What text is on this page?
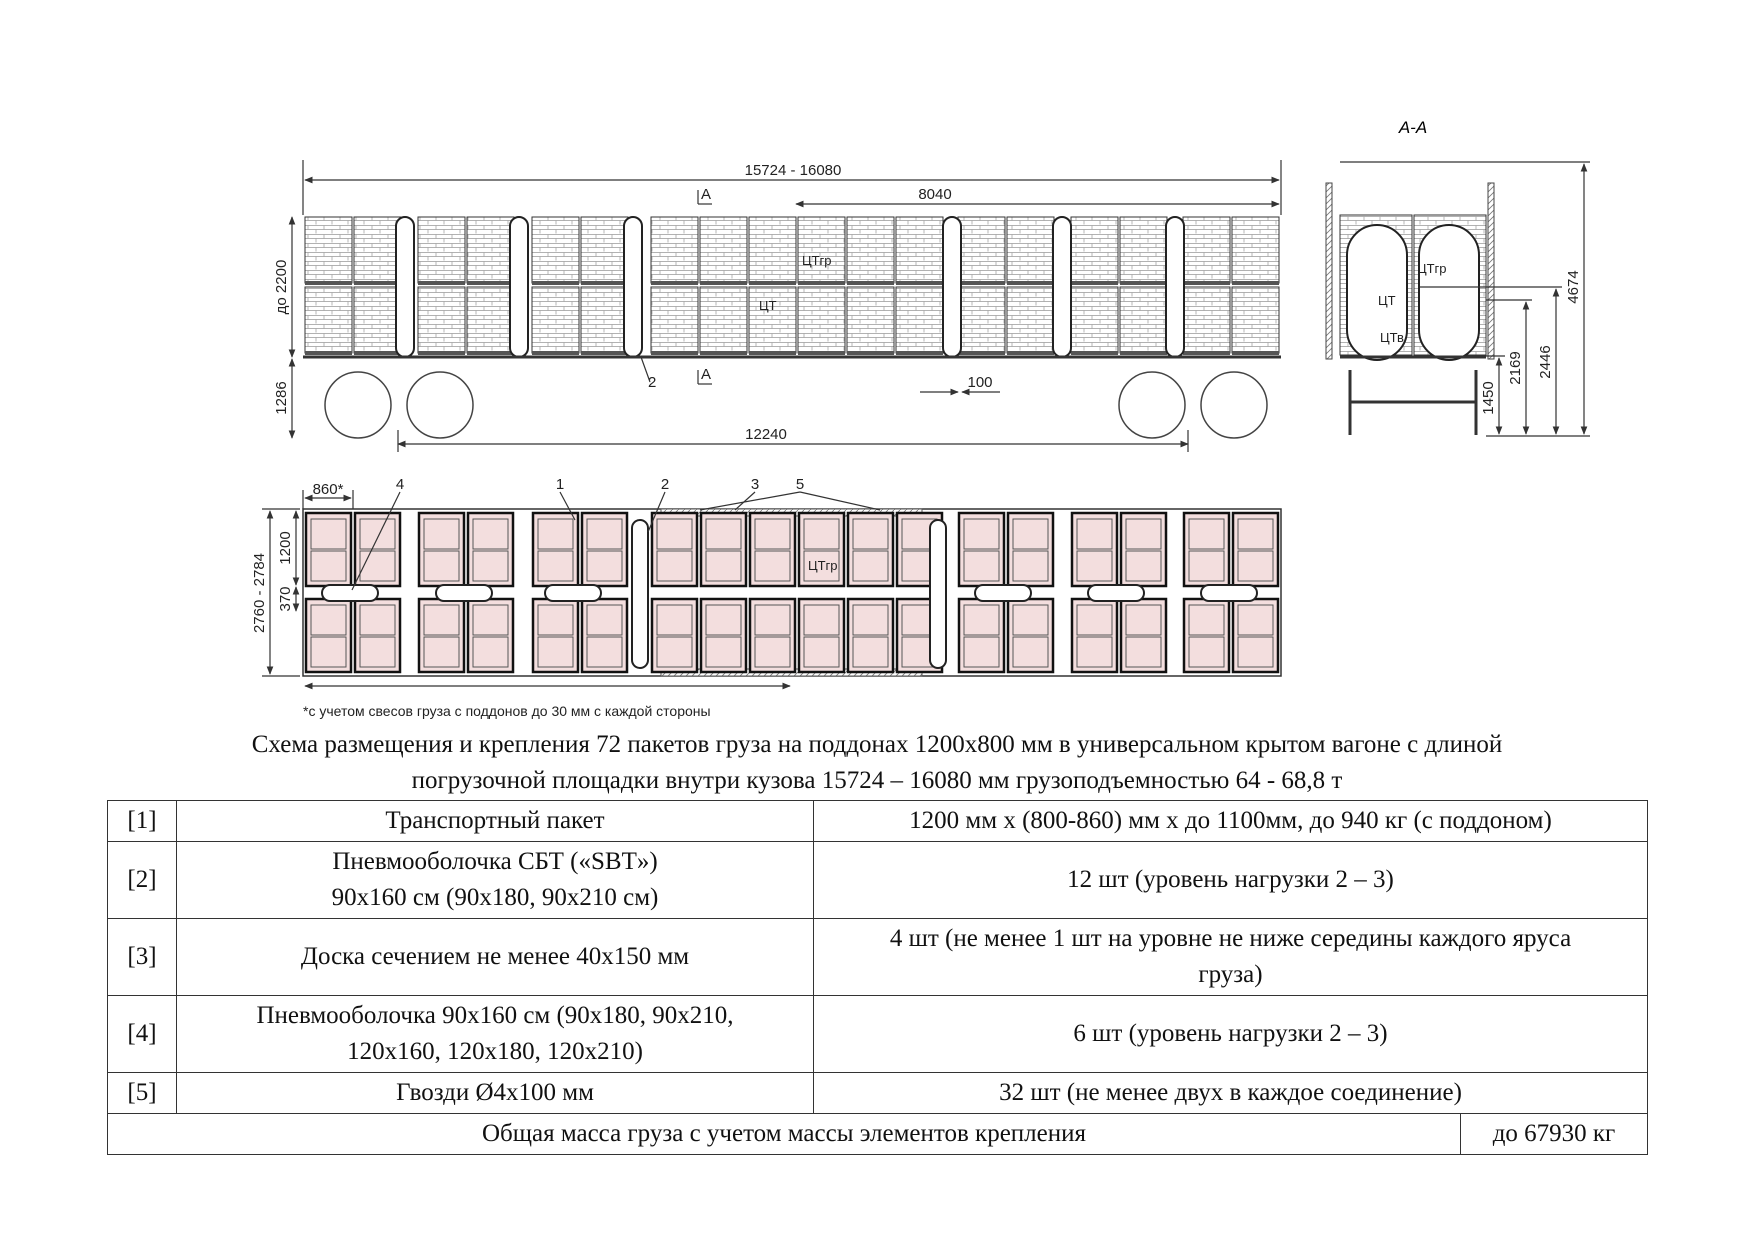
15724 - 16080
8040
до 2200
1286
12240
100
A
A
2
ЦТгр
ЦТ
А-А
4674
2446
2169
1450
ЦТгр
ЦТ
ЦТв
860*
1200
370
2760 - 2784
4	1	2	3 5
ЦТгр
*с учетом свесов груза с поддонов до 30 мм с каждой стороны
Схема размещения и крепления 72 пакетов груза на поддонах 1200х800 мм в универсальном крытом вагоне с длиной
погрузочной площадки внутри кузова 15724 – 16080 мм грузоподъемностью 64 - 68,8 т
[1]	Транспортный пакет	1200 мм х (800-860) мм х до 1100мм, до 940 кг (с поддоном)	
[2]	Пневмооболочка СБТ («SBT»)
90х160 см (90х180, 90х210 см)	12 шт (уровень нагрузки 2 – 3)	
[3]	Доска сечением не менее 40х150 мм	4 шт (не менее 1 шт на уровне не ниже середины каждого яруса
груза)	
[4]	Пневмооболочка 90х160 см (90х180, 90х210,
120х160, 120х180, 120х210)	6 шт (уровень нагрузки 2 – 3)	
[5]	Гвозди Ø4х100 мм	32 шт (не менее двух в каждое соединение)	
Общая масса груза с учетом массы элементов крепления			до 67930 кг
